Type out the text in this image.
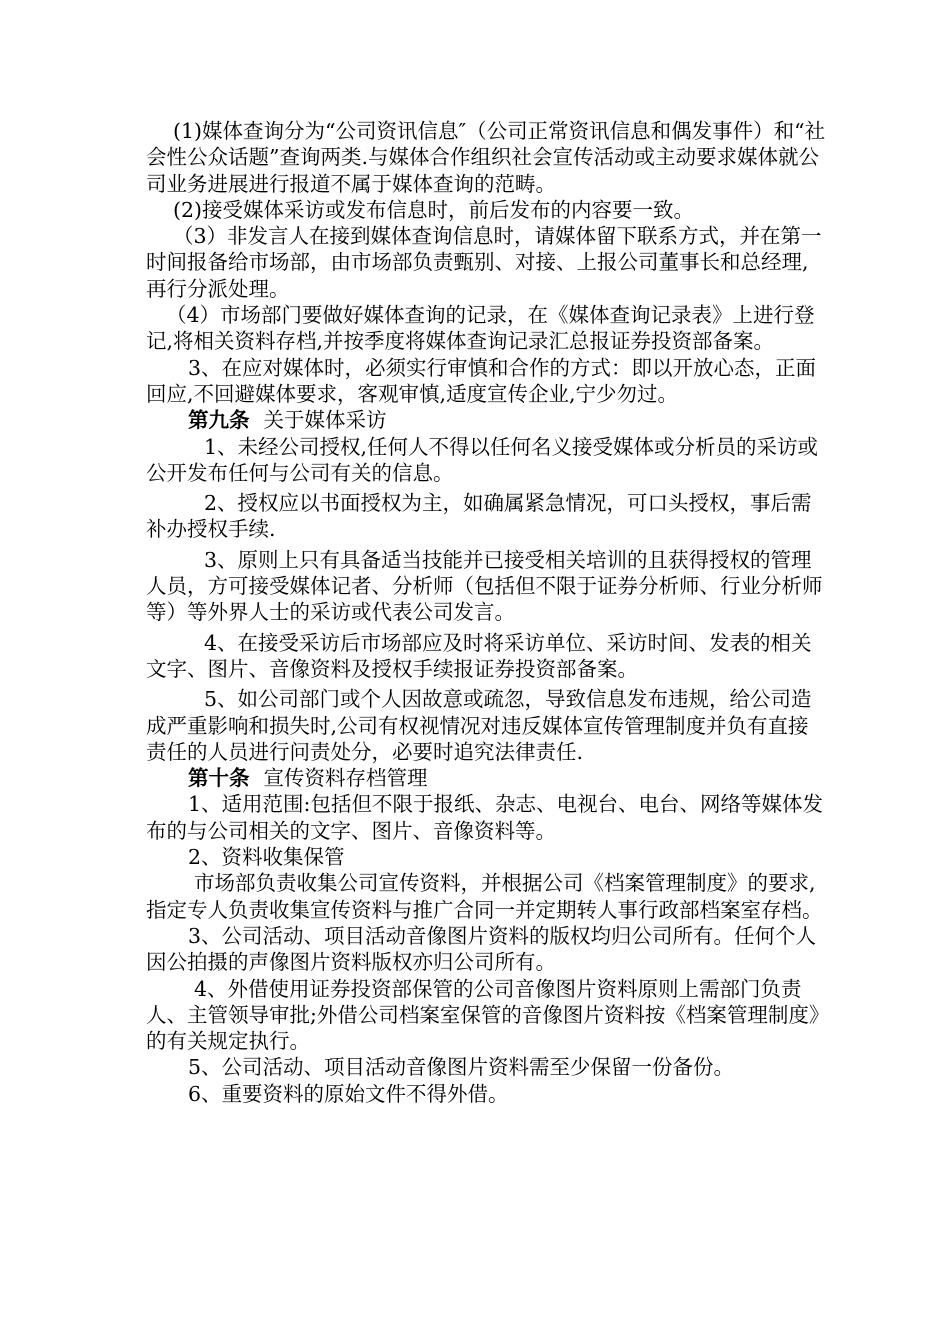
(1)媒体查询分为“公司资讯信息″（公司正常资讯信息和偶发事件）和“社会性公众话题”查询两类.与媒体合作组织社会宣传活动或主动要求媒体就公司业务进展进行报道不属于媒体查询的范畴。

(2)接受媒体采访或发布信息时，前后发布的内容要一致。

（3）非发言人在接到媒体查询信息时，请媒体留下联系方式，并在第一时间报备给市场部，由市场部负责甄别、对接、上报公司董事长和总经理,再行分派处理。

（4）市场部门要做好媒体查询的记录，在《媒体查询记录表》上进行登记,将相关资料存档,并按季度将媒体查询记录汇总报证券投资部备案。

3、在应对媒体时，必须实行审慎和合作的方式：即以开放心态，正面回应,不回避媒体要求，客观审慎,适度宣传企业,宁少勿过。

第九条 关于媒体采访

1、未经公司授权,任何人不得以任何名义接受媒体或分析员的采访或公开发布任何与公司有关的信息。

2、授权应以书面授权为主，如确属紧急情况，可口头授权，事后需补办授权手续.

3、原则上只有具备适当技能并已接受相关培训的且获得授权的管理人员，方可接受媒体记者、分析师（包括但不限于证券分析师、行业分析师等）等外界人士的采访或代表公司发言。

4、在接受采访后市场部应及时将采访单位、采访时间、发表的相关文字、图片、音像资料及授权手续报证券投资部备案。

5、如公司部门或个人因故意或疏忽，导致信息发布违规，给公司造成严重影响和损失时,公司有权视情况对违反媒体宣传管理制度并负有直接责任的人员进行问责处分，必要时追究法律责任.

第十条 宣传资料存档管理

1、适用范围:包括但不限于报纸、杂志、电视台、电台、网络等媒体发布的与公司相关的文字、图片、音像资料等。

2、资料收集保管

市场部负责收集公司宣传资料，并根据公司《档案管理制度》的要求,指定专人负责收集宣传资料与推广合同一并定期转人事行政部档案室存档。

3、公司活动、项目活动音像图片资料的版权均归公司所有。任何个人因公拍摄的声像图片资料版权亦归公司所有。

4、外借使用证券投资部保管的公司音像图片资料原则上需部门负责人、主管领导审批;外借公司档案室保管的音像图片资料按《档案管理制度》的有关规定执行。

5、公司活动、项目活动音像图片资料需至少保留一份备份。

6、重要资料的原始文件不得外借。
